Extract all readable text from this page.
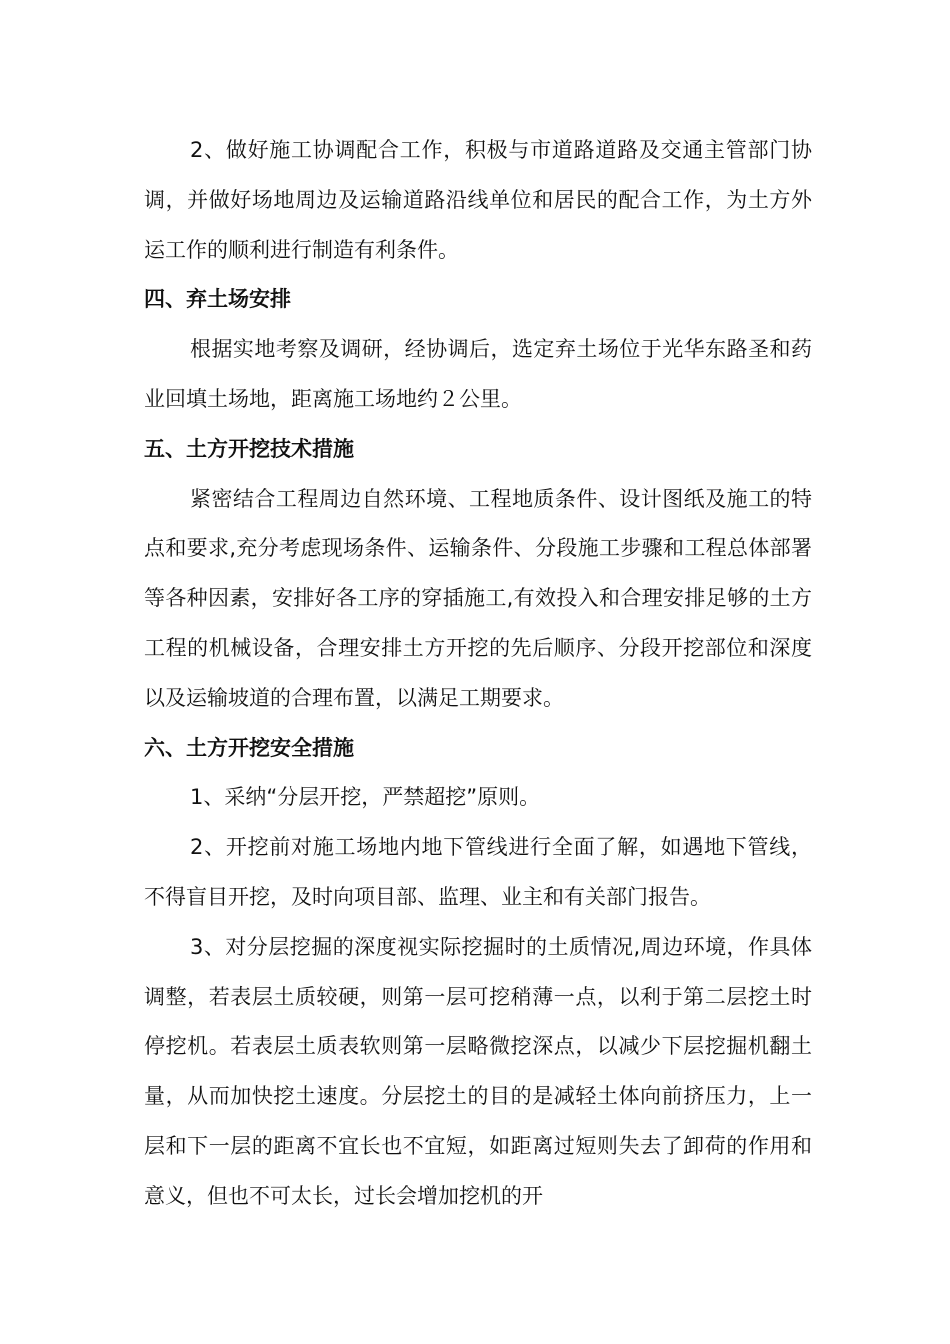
2、做好施工协调配合工作，积极与市道路道路及交通主管部门协调，并做好场地周边及运输道路沿线单位和居民的配合工作，为土方外运工作的顺利进行制造有利条件。

四、弃土场安排

根据实地考察及调研，经协调后，选定弃土场位于光华东路圣和药业回填土场地，距离施工场地约２公里。

五、土方开挖技术措施

紧密结合工程周边自然环境、工程地质条件、设计图纸及施工的特点和要求,充分考虑现场条件、运输条件、分段施工步骤和工程总体部署等各种因素，安排好各工序的穿插施工,有效投入和合理安排足够的土方工程的机械设备，合理安排土方开挖的先后顺序、分段开挖部位和深度以及运输坡道的合理布置，以满足工期要求。

六、土方开挖安全措施

1、采纳“分层开挖，严禁超挖”原则。

2、开挖前对施工场地内地下管线进行全面了解，如遇地下管线，不得盲目开挖，及时向项目部、监理、业主和有关部门报告。

3、对分层挖掘的深度视实际挖掘时的土质情况,周边环境，作具体调整，若表层土质较硬，则第一层可挖稍薄一点，以利于第二层挖土时停挖机。若表层土质表软则第一层略微挖深点，以减少下层挖掘机翻土量，从而加快挖土速度。分层挖土的目的是减轻土体向前挤压力，上一层和下一层的距离不宜长也不宜短，如距离过短则失去了卸荷的作用和意义，但也不可太长，过长会增加挖机的开
